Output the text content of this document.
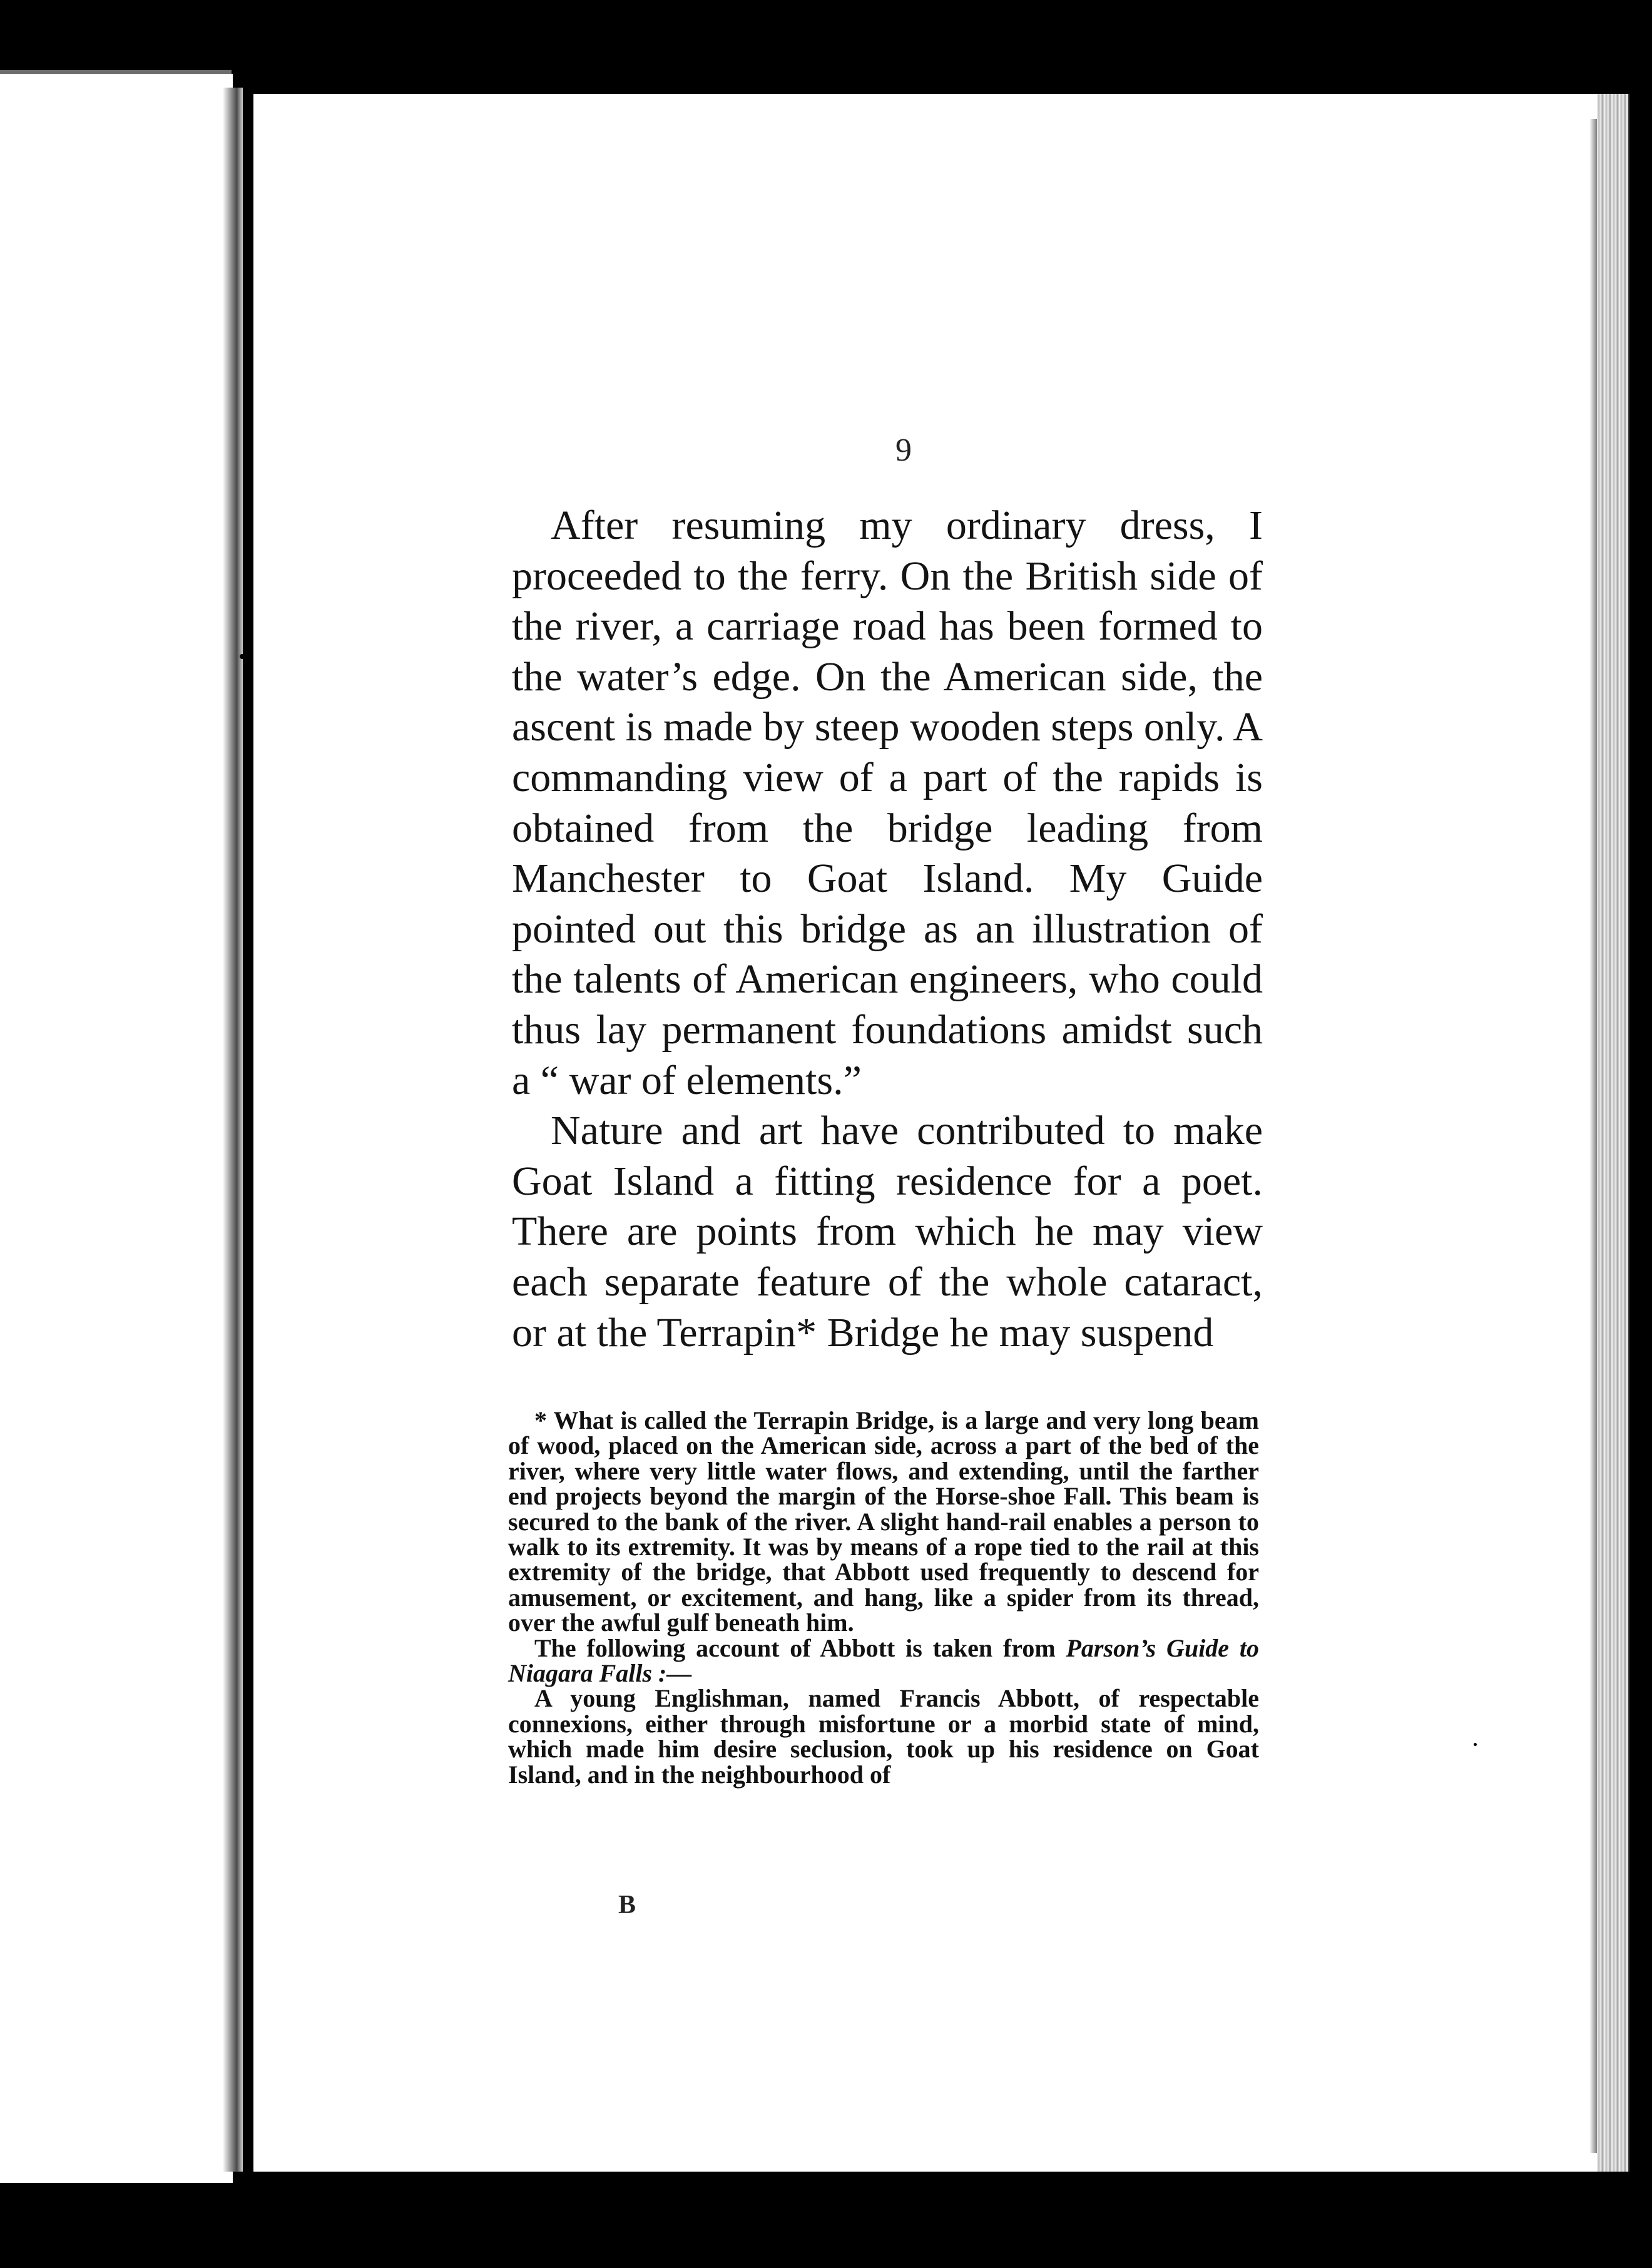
9

After resuming my ordinary dress, I proceeded to the ferry. On the British side of the river, a carriage road has been formed to the water’s edge. On the American side, the ascent is made by steep wooden steps only. A commanding view of a part of the rapids is obtained from the bridge leading from Manchester to Goat Island. My Guide pointed out this bridge as an illustration of the talents of American engineers, who could thus lay permanent foundations amidst such a “ war of elements.”

Nature and art have contributed to make Goat Island a fitting residence for a poet. There are points from which he may view each separate feature of the whole cataract, or at the Terrapin* Bridge he may suspend

* What is called the Terrapin Bridge, is a large and very long beam of wood, placed on the American side, across a part of the bed of the river, where very little water flows, and extending, until the farther end projects beyond the margin of the Horse-shoe Fall. This beam is secured to the bank of the river. A slight hand-rail enables a person to walk to its extremity. It was by means of a rope tied to the rail at this extremity of the bridge, that Abbott used frequently to descend for amusement, or excitement, and hang, like a spider from its thread, over the awful gulf beneath him.

The following account of Abbott is taken from Parson’s Guide to Niagara Falls :—

A young Englishman, named Francis Abbott, of respectable connexions, either through misfortune or a morbid state of mind, which made him desire seclusion, took up his residence on Goat Island, and in the neighbourhood of

B
